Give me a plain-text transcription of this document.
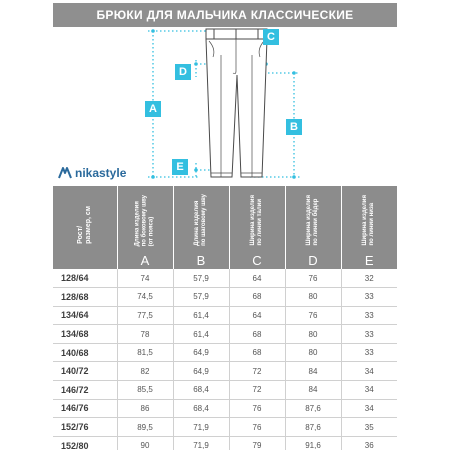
БРЮКИ ДЛЯ МАЛЬЧИКА КЛАССИЧЕСКИЕ
A
B
C
D
E
nikastyle
Рост/
размер, см	Длина изделия
по боковому шву
(от пояса)	Длина изделия
по шаговому шву	Ширина изделия
по линии талии	Ширина изделия
по линии бёдер	Ширина изделия
по линии низа

	A	B	C	D	E
128/64	74	57,9	64	76	32
128/68	74,5	57,9	68	80	33
134/64	77,5	61,4	64	76	33
134/68	78	61,4	68	80	33
140/68	81,5	64,9	68	80	33
140/72	82	64,9	72	84	34
146/72	85,5	68,4	72	84	34
146/76	86	68,4	76	87,6	34
152/76	89,5	71,9	76	87,6	35
152/80	90	71,9	79	91,6	36
